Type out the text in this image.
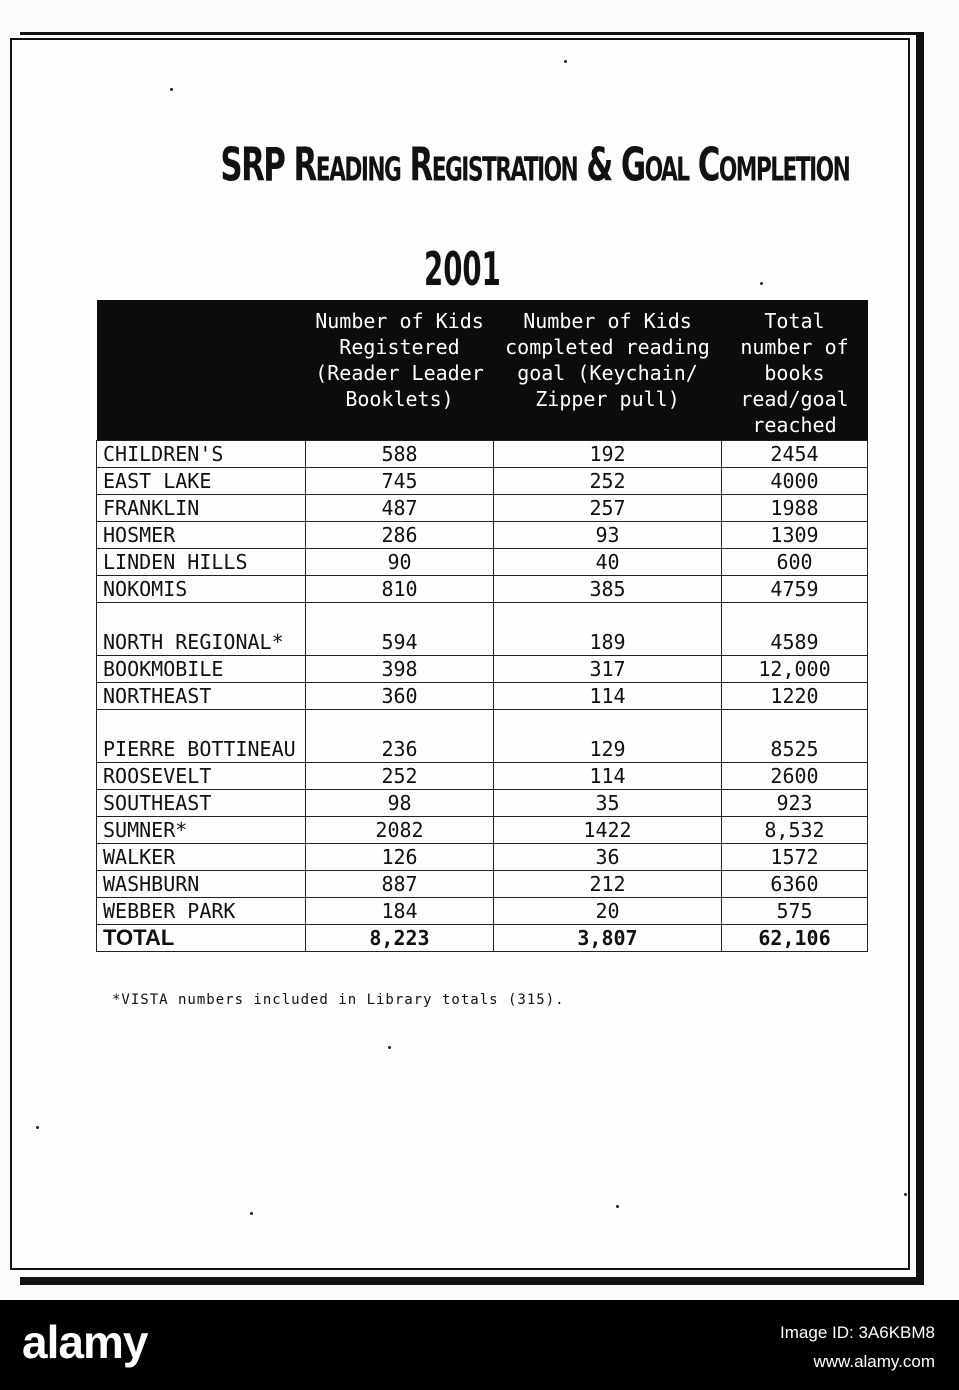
SRP Reading Registration & Goal Completion
2001
	Number of Kids Registered (Reader Leader Booklets)	Number of Kids completed reading goal (Keychain/ Zipper pull)	Total number of books read/goal reached
CHILDREN'S	588	192	2454
EAST LAKE	745	252	4000
FRANKLIN	487	257	1988
HOSMER	286	93	1309
LINDEN HILLS	90	40	600
NOKOMIS	810	385	4759
NORTH REGIONAL*	594	189	4589
BOOKMOBILE	398	317	12,000
NORTHEAST	360	114	1220
PIERRE BOTTINEAU	236	129	8525
ROOSEVELT	252	114	2600
SOUTHEAST	98	35	923
SUMNER*	2082	1422	8,532
WALKER	126	36	1572
WASHBURN	887	212	6360
WEBBER PARK	184	20	575
TOTAL	8,223	3,807	62,106
*VISTA numbers included in Library totals (315).
alamy	Image ID: 3A6KBM8
www.alamy.com
